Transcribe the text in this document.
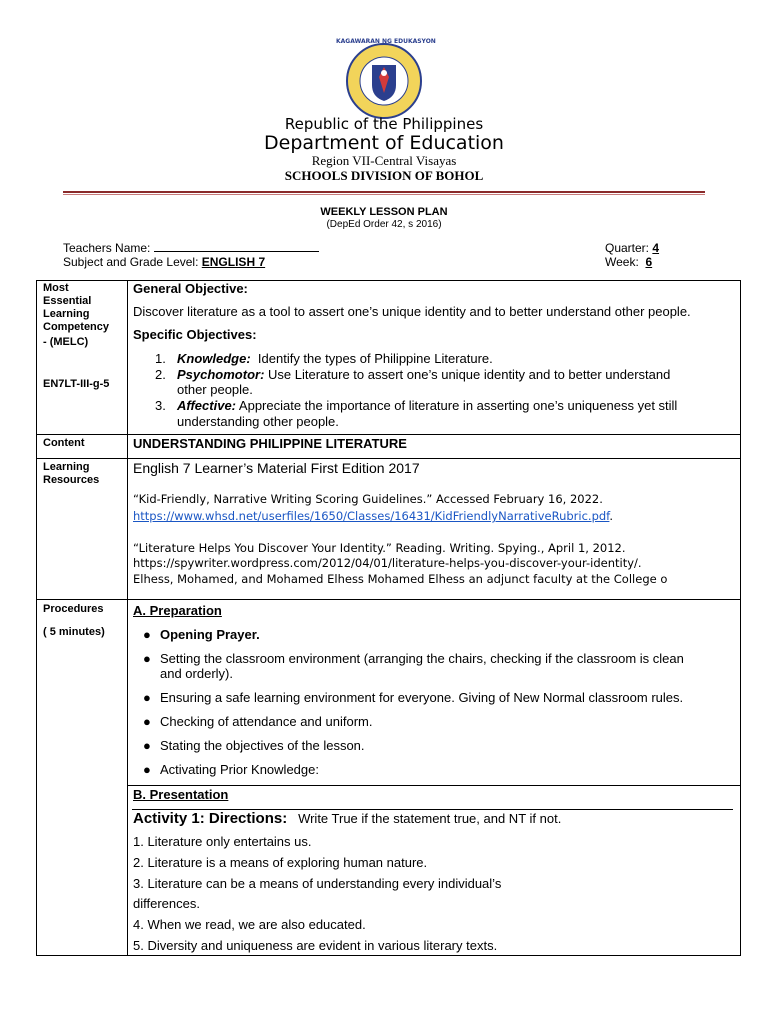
KAGAWARAN NG EDUKASYON
Republic of the Philippines
Department of Education
Region VII-Central Visayas
SCHOOLS DIVISION OF BOHOL
WEEKLY LESSON PLAN
(DepEd Order 42, s 2016)
Teachers Name:
Subject and Grade Level: ENGLISH 7
Quarter: 4
Week: 6
Most
Essential
Learning
Competency
- (MELC)
EN7LT-III-g-5
General Objective:
Discover literature as a tool to assert one’s unique identity and to better understand other people.
Specific Objectives:
1. Knowledge: Identify the types of Philippine Literature.
2. Psychomotor: Use Literature to assert one’s unique identity and to better understand
other people.
3. Affective: Appreciate the importance of literature in asserting one’s uniqueness yet still
understanding other people.
Content	UNDERSTANDING PHILIPPINE LITERATURE
Learning
Resources
English 7 Learner’s Material First Edition 2017
“Kid-Friendly, Narrative Writing Scoring Guidelines.” Accessed February 16, 2022.
https://www.whsd.net/userfiles/1650/Classes/16431/KidFriendlyNarrativeRubric.pdf.
“Literature Helps You Discover Your Identity.” Reading. Writing. Spying., April 1, 2012.
https://spywriter.wordpress.com/2012/04/01/literature-helps-you-discover-your-identity/.
Elhess, Mohamed, and Mohamed Elhess Mohamed Elhess an adjunct faculty at the College o
Procedures
( 5 minutes)
A. Preparation
● Opening Prayer.
● Setting the classroom environment (arranging the chairs, checking if the classroom is clean
and orderly).
● Ensuring a safe learning environment for everyone. Giving of New Normal classroom rules.
● Checking of attendance and uniform.
● Stating the objectives of the lesson.
● Activating Prior Knowledge:
B. Presentation
Activity 1: Directions: Write True if the statement true, and NT if not.
1. Literature only entertains us.
2. Literature is a means of exploring human nature.
3. Literature can be a means of understanding every individual’s
differences.
4. When we read, we are also educated.
5. Diversity and uniqueness are evident in various literary texts.
